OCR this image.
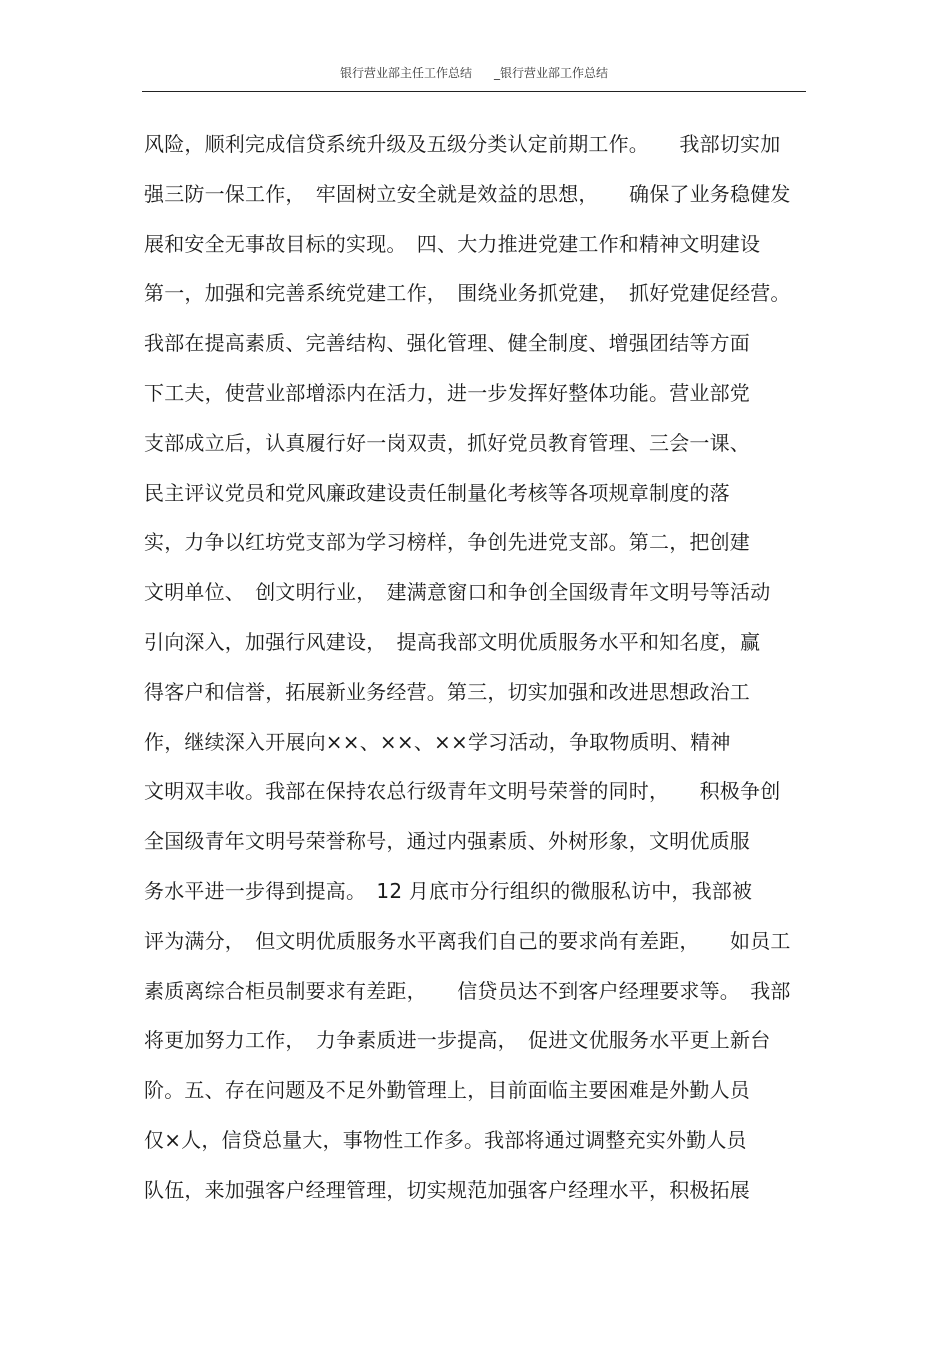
银行营业部主任工作总结 _银行营业部工作总结
风险，顺利完成信贷系统升级及五级分类认定前期工作。　　我部切实加
强三防一保工作，　牢固树立安全就是效益的思想，　　确保了业务稳健发
展和安全无事故目标的实现。　四、大力推进党建工作和精神文明建设
第一，加强和完善系统党建工作，　围绕业务抓党建，　抓好党建促经营。
我部在提高素质、完善结构、强化管理、健全制度、增强团结等方面
下工夫，使营业部增添内在活力，进一步发挥好整体功能。营业部党
支部成立后，认真履行好一岗双责，抓好党员教育管理、三会一课、
民主评议党员和党风廉政建设责任制量化考核等各项规章制度的落
实，力争以红坊党支部为学习榜样，争创先进党支部。第二，把创建
文明单位、　创文明行业，　建满意窗口和争创全国级青年文明号等活动
引向深入，加强行风建设，　提高我部文明优质服务水平和知名度，赢
得客户和信誉，拓展新业务经营。第三，切实加强和改进思想政治工
作，继续深入开展向××、××、××学习活动，争取物质明、精神
文明双丰收。我部在保持农总行级青年文明号荣誉的同时，　　积极争创
全国级青年文明号荣誉称号，通过内强素质、外树形象，文明优质服
务水平进一步得到提高。　12 月底市分行组织的微服私访中，我部被
评为满分，　但文明优质服务水平离我们自己的要求尚有差距，　　如员工
素质离综合柜员制要求有差距，　　信贷员达不到客户经理要求等。　我部
将更加努力工作，　力争素质进一步提高，　促进文优服务水平更上新台
阶。五、存在问题及不足外勤管理上，目前面临主要困难是外勤人员
仅×人，信贷总量大，事物性工作多。我部将通过调整充实外勤人员
队伍，来加强客户经理管理，切实规范加强客户经理水平，积极拓展
